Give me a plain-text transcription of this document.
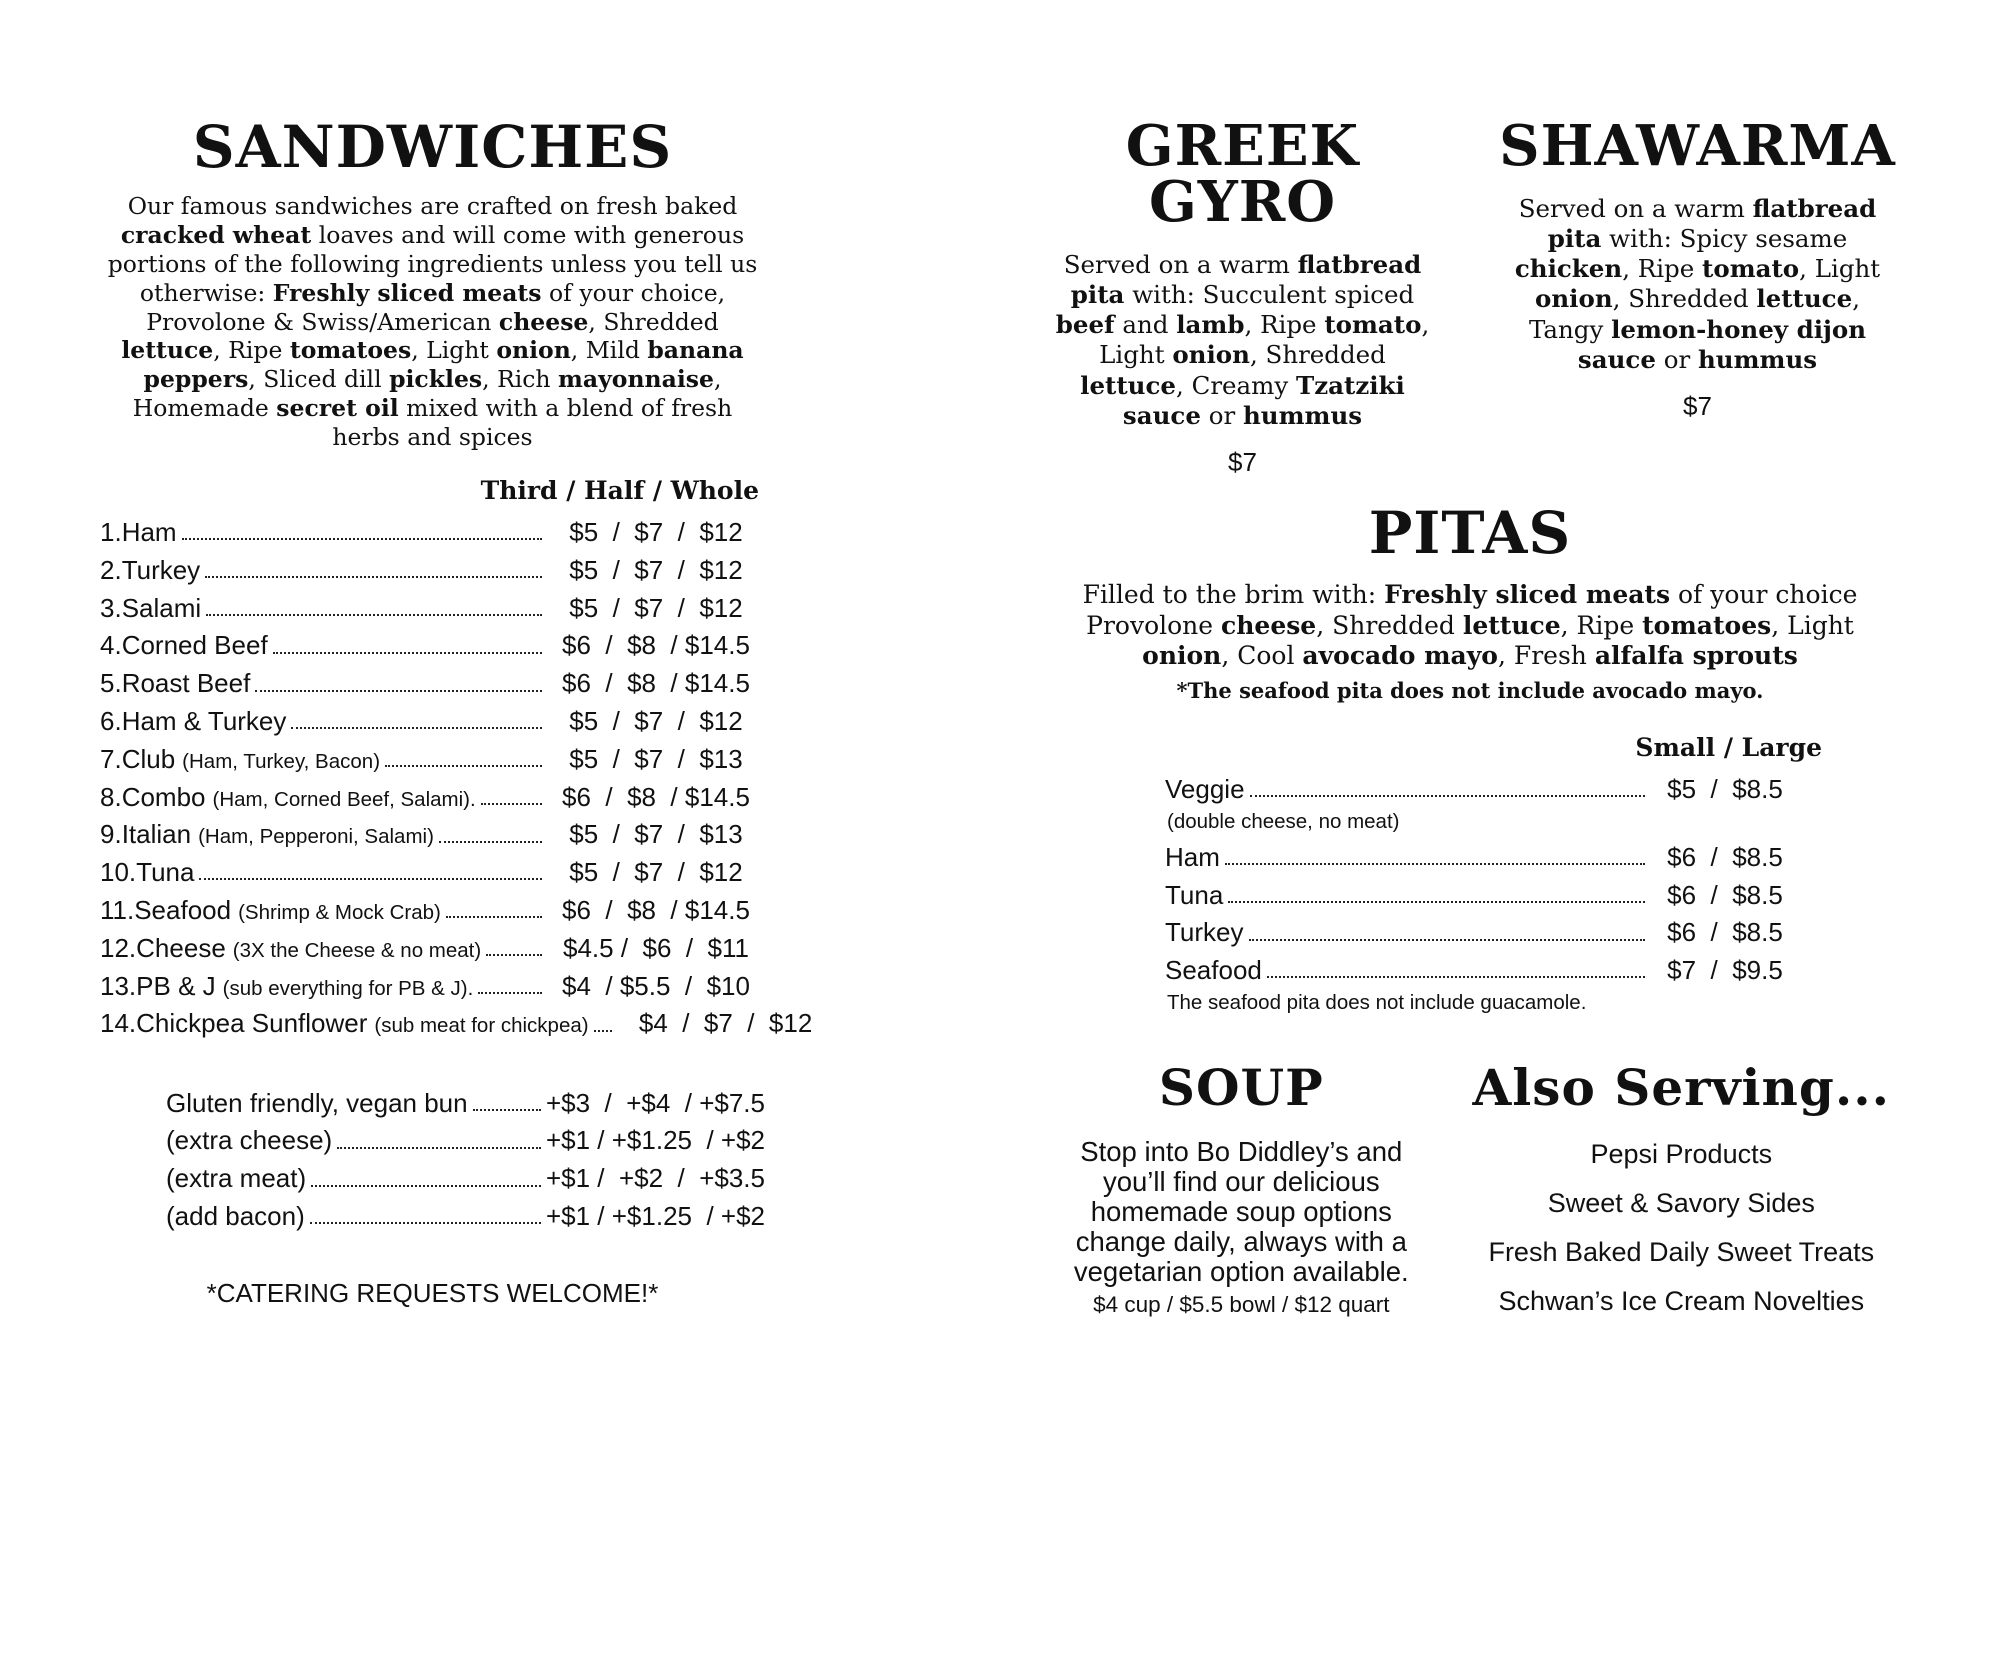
SANDWICHES
Our famous sandwiches are crafted on fresh baked cracked wheat loaves and will come with generous portions of the following ingredients unless you tell us otherwise: Freshly sliced meats of your choice, Provolone & Swiss/American cheese, Shredded lettuce, Ripe tomatoes, Light onion, Mild banana peppers, Sliced dill pickles, Rich mayonnaise, Homemade secret oil mixed with a blend of fresh herbs and spices
Third / Half / Whole
1.Ham	$5  /  $7  /  $12
2.Turkey	$5  /  $7  /  $12
3.Salami	$5  /  $7  /  $12
4.Corned Beef	$6  /  $8  / $14.5
5.Roast Beef	$6  /  $8  / $14.5
6.Ham & Turkey	$5  /  $7  /  $12
7.Club (Ham, Turkey, Bacon)	$5  /  $7  /  $13
8.Combo (Ham, Corned Beef, Salami).	$6  /  $8  / $14.5
9.Italian (Ham, Pepperoni, Salami)	$5  /  $7  /  $13
10.Tuna	$5  /  $7  /  $12
11.Seafood (Shrimp & Mock Crab)	$6  /  $8  / $14.5
12.Cheese (3X the Cheese & no meat)	$4.5 /  $6  /  $11
13.PB & J (sub everything for PB & J).	$4  / $5.5  /  $10
14.Chickpea Sunflower (sub meat for chickpea)	$4  /  $7  /  $12
Gluten friendly, vegan bun	+$3  /  +$4  / +$7.5
(extra cheese)	+$1 / +$1.25  / +$2
(extra meat)	+$1 /  +$2  /  +$3.5
(add bacon)	+$1 / +$1.25  / +$2
*CATERING REQUESTS WELCOME!*
GREEK GYRO
Served on a warm flatbread pita with: Succulent spiced beef and lamb, Ripe tomato, Light onion, Shredded lettuce, Creamy Tzatziki sauce or hummus
$7
SHAWARMA
Served on a warm flatbread pita with: Spicy sesame chicken, Ripe tomato, Light onion, Shredded lettuce, Tangy lemon-honey dijon sauce or hummus
$7
PITAS
Filled to the brim with: Freshly sliced meats of your choice Provolone cheese, Shredded lettuce, Ripe tomatoes, Light onion, Cool avocado mayo, Fresh alfalfa sprouts
*The seafood pita does not include avocado mayo.
Small / Large
Veggie	$5  /  $8.5
(double cheese, no meat)
Ham	$6  /  $8.5
Tuna	$6  /  $8.5
Turkey	$6  /  $8.5
Seafood	$7  /  $9.5
The seafood pita does not include guacamole.
SOUP
Stop into Bo Diddley’s and you’ll find our delicious homemade soup options change daily, always with a vegetarian option available.
$4 cup / $5.5 bowl / $12 quart
Also Serving...
Pepsi Products
Sweet & Savory Sides
Fresh Baked Daily Sweet Treats
Schwan’s Ice Cream Novelties
